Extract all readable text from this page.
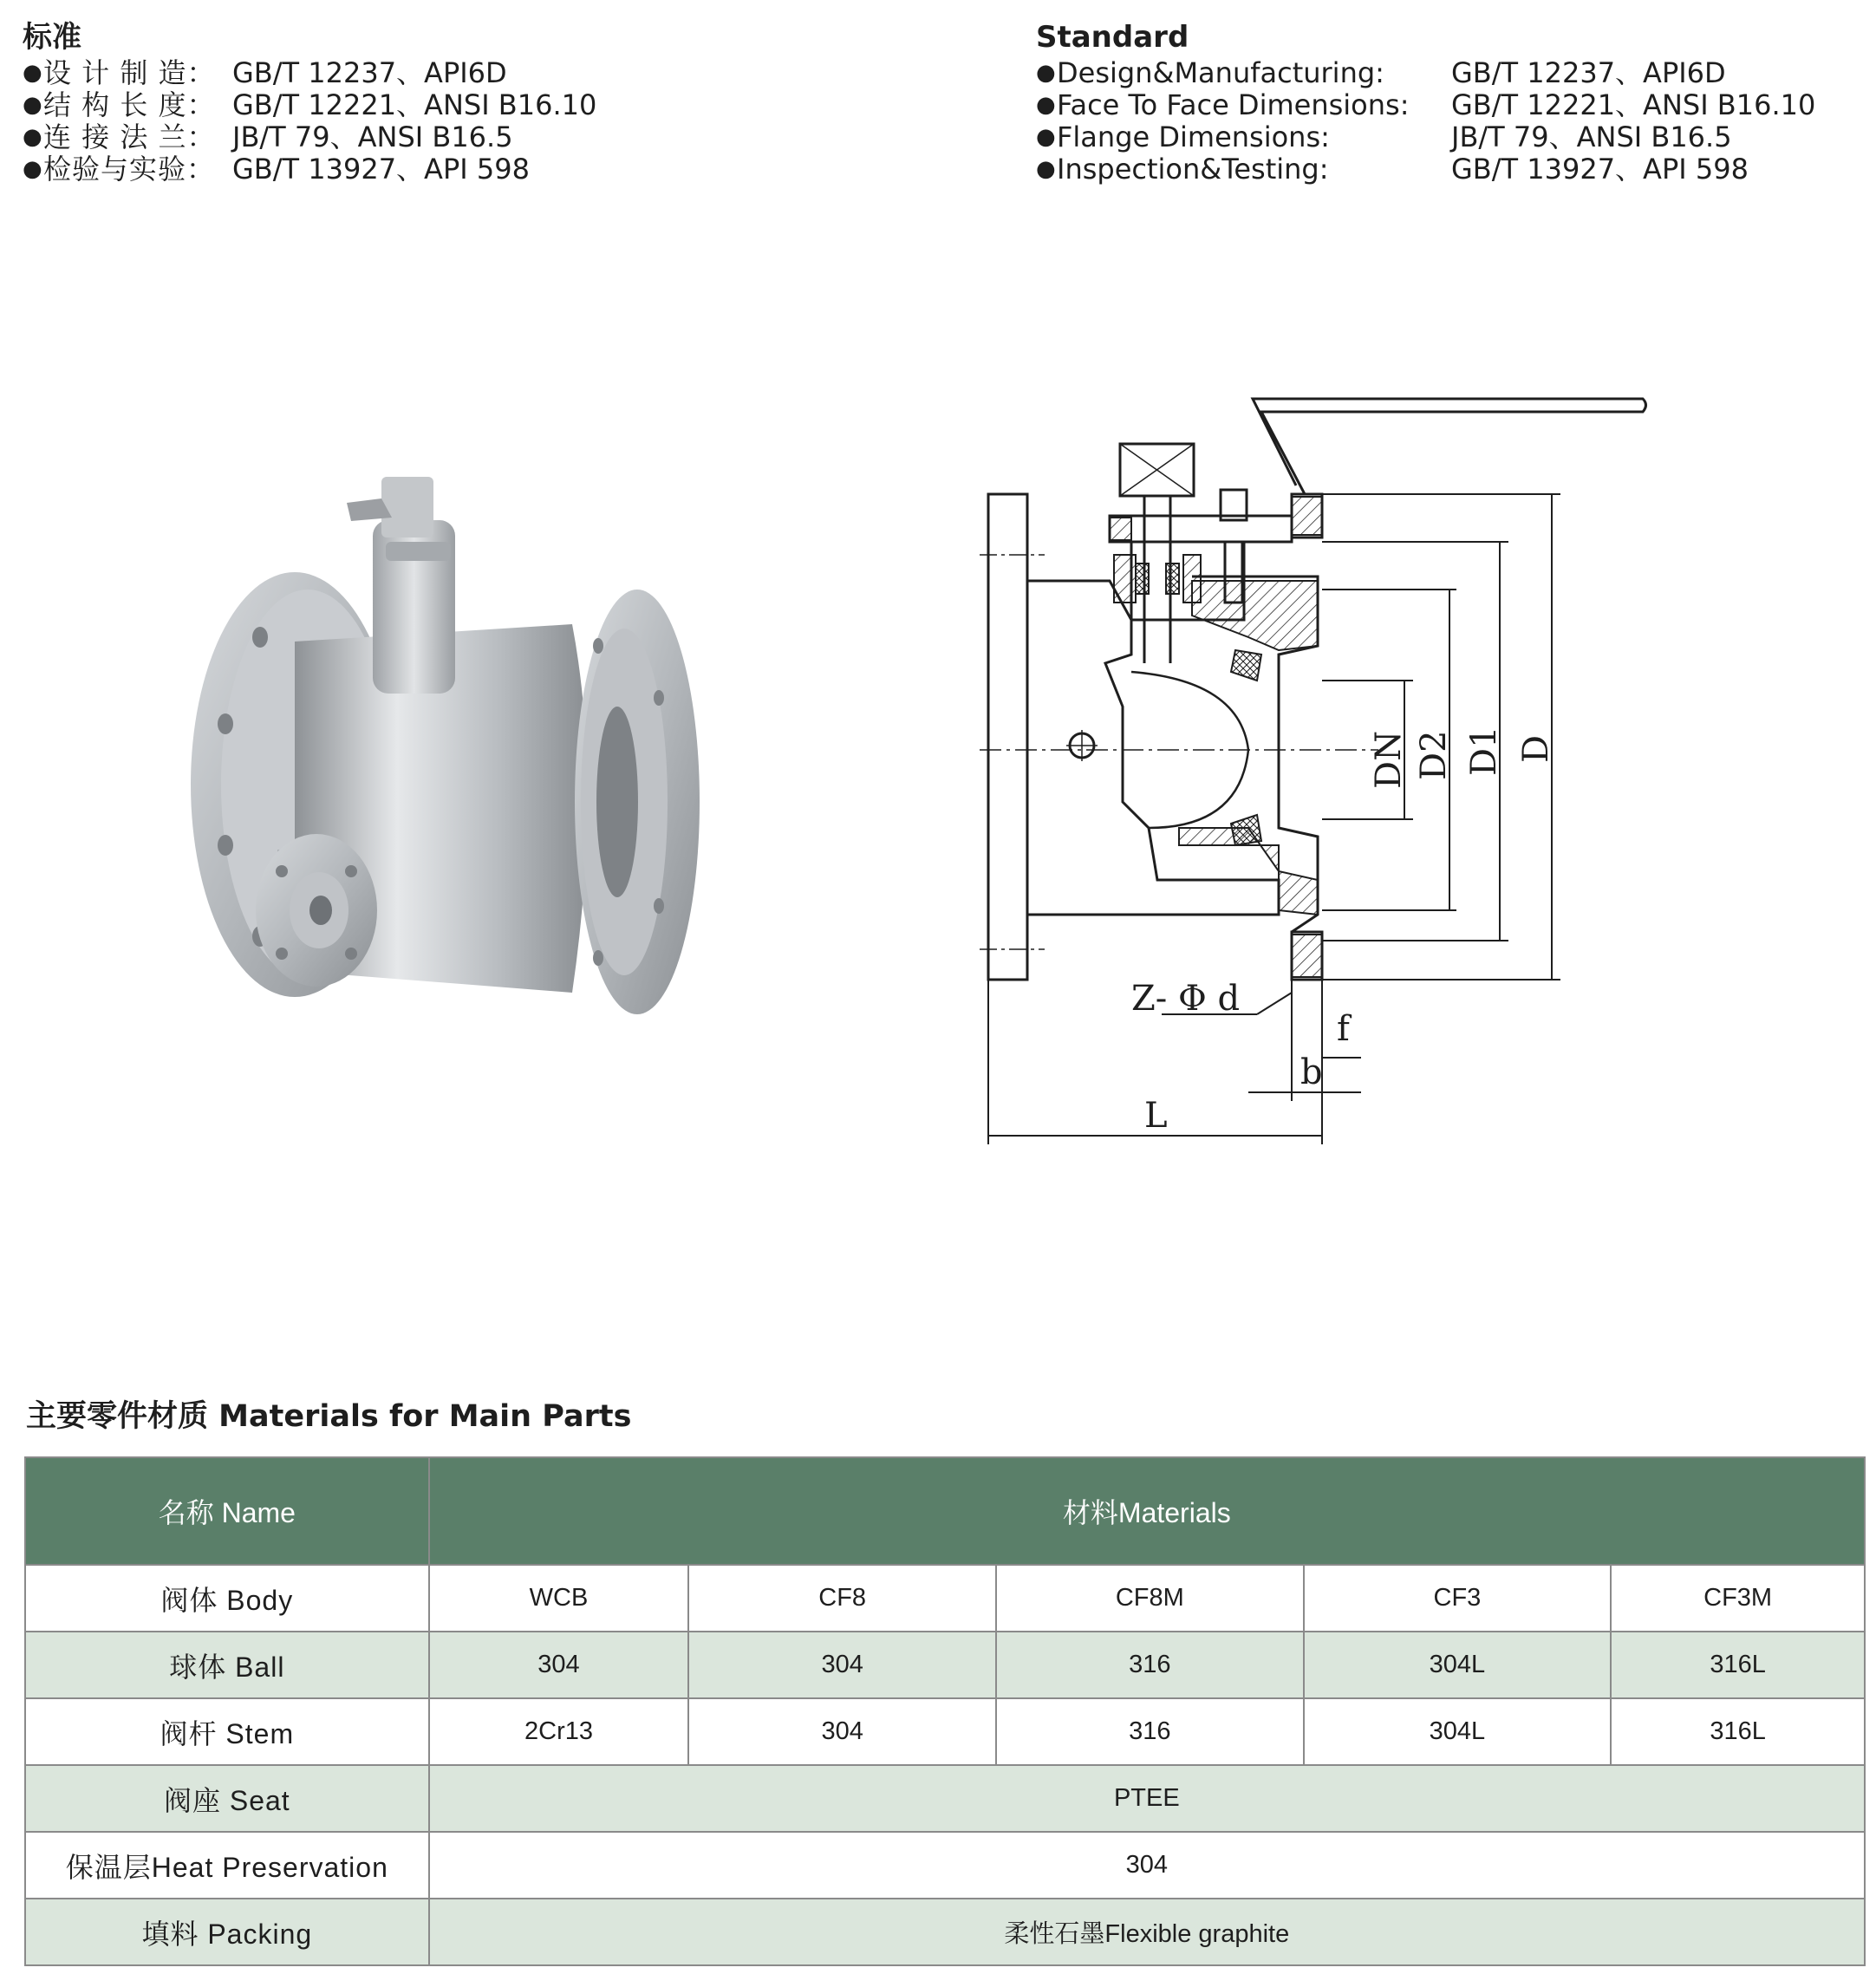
标准
● 设 计 制 造： GB/T 12237、API6D
● 结 构 长 度： GB/T 12221、ANSI B16.10
● 连 接 法 兰： JB/T 79、ANSI B16.5
● 检验与实验： GB/T 13927、API 598
Standard
● Design&Manufacturing:	GB/T 12237、API6D
● Face To Face Dimensions:	GB/T 12221、ANSI B16.10
● Flange Dimensions:	JB/T 79、ANSI B16.5
● Inspection&Testing:	GB/T 13927、API 598
DN D2 D1 D
Z- Φ d
f
b
L
主要零件材质 Materials for Main Parts
名称 Name	材料Materials				
阀体 Body	WCB	CF8	CF8M	CF3	CF3M
球体 Ball	304	304	316	304L	316L
阀杆 Stem	2Cr13	304	316	304L	316L
阀座 Seat	PTEE				
保温层Heat Preservation	304				
填料 Packing	柔性石墨Flexible graphite				
